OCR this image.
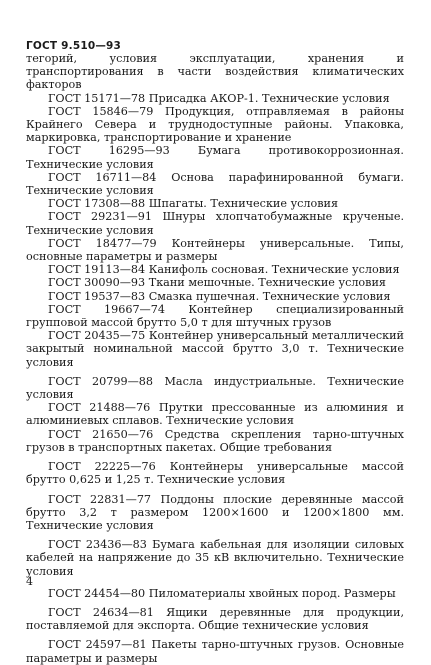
ГОСТ 9.510—93

тегорий, условия эксплуатации, хранения и транспортирования в части воздействия климатических факторов

ГОСТ 15171—78 Присадка АКОР-1. Технические условия

ГОСТ 15846—79 Продукция, отправляемая в районы Крайнего Севера и труднодоступные районы. Упаковка, маркировка, транспортирование и хранение

ГОСТ 16295—93 Бумага противокоррозионная. Технические условия

ГОСТ 16711—84 Основа парафинированной бумаги. Технические условия

ГОСТ 17308—88 Шпагаты. Технические условия

ГОСТ 29231—91 Шнуры хлопчатобумажные крученые. Технические условия

ГОСТ 18477—79 Контейнеры универсальные. Типы, основные параметры и размеры

ГОСТ 19113—84 Канифоль сосновая. Технические условия

ГОСТ 30090—93 Ткани мешочные. Технические условия

ГОСТ 19537—83 Смазка пушечная. Технические условия

ГОСТ 19667—74 Контейнер специализированный групповой массой брутто 5,0 т для штучных грузов

ГОСТ 20435—75 Контейнер универсальный металлический закрытый номинальной массой брутто 3,0 т. Технические условия

ГОСТ 20799—88 Масла индустриальные. Технические условия

ГОСТ 21488—76 Прутки прессованные из алюминия и алюминиевых сплавов. Технические условия

ГОСТ 21650—76 Средства скрепления тарно-штучных грузов в транспортных пакетах. Общие требования

ГОСТ 22225—76 Контейнеры универсальные массой брутто 0,625 и 1,25 т. Технические условия

ГОСТ 22831—77 Поддоны плоские деревянные массой брутто 3,2 т размером 1200×1600 и 1200×1800 мм. Технические условия

ГОСТ 23436—83 Бумага кабельная для изоляции силовых кабелей на напряжение до 35 кВ включительно. Технические условия

ГОСТ 24454—80 Пиломатериалы хвойных пород. Размеры

ГОСТ 24634—81 Ящики деревянные для продукции, поставляемой для экспорта. Общие технические условия

ГОСТ 24597—81 Пакеты тарно-штучных грузов. Основные параметры и размеры

4
